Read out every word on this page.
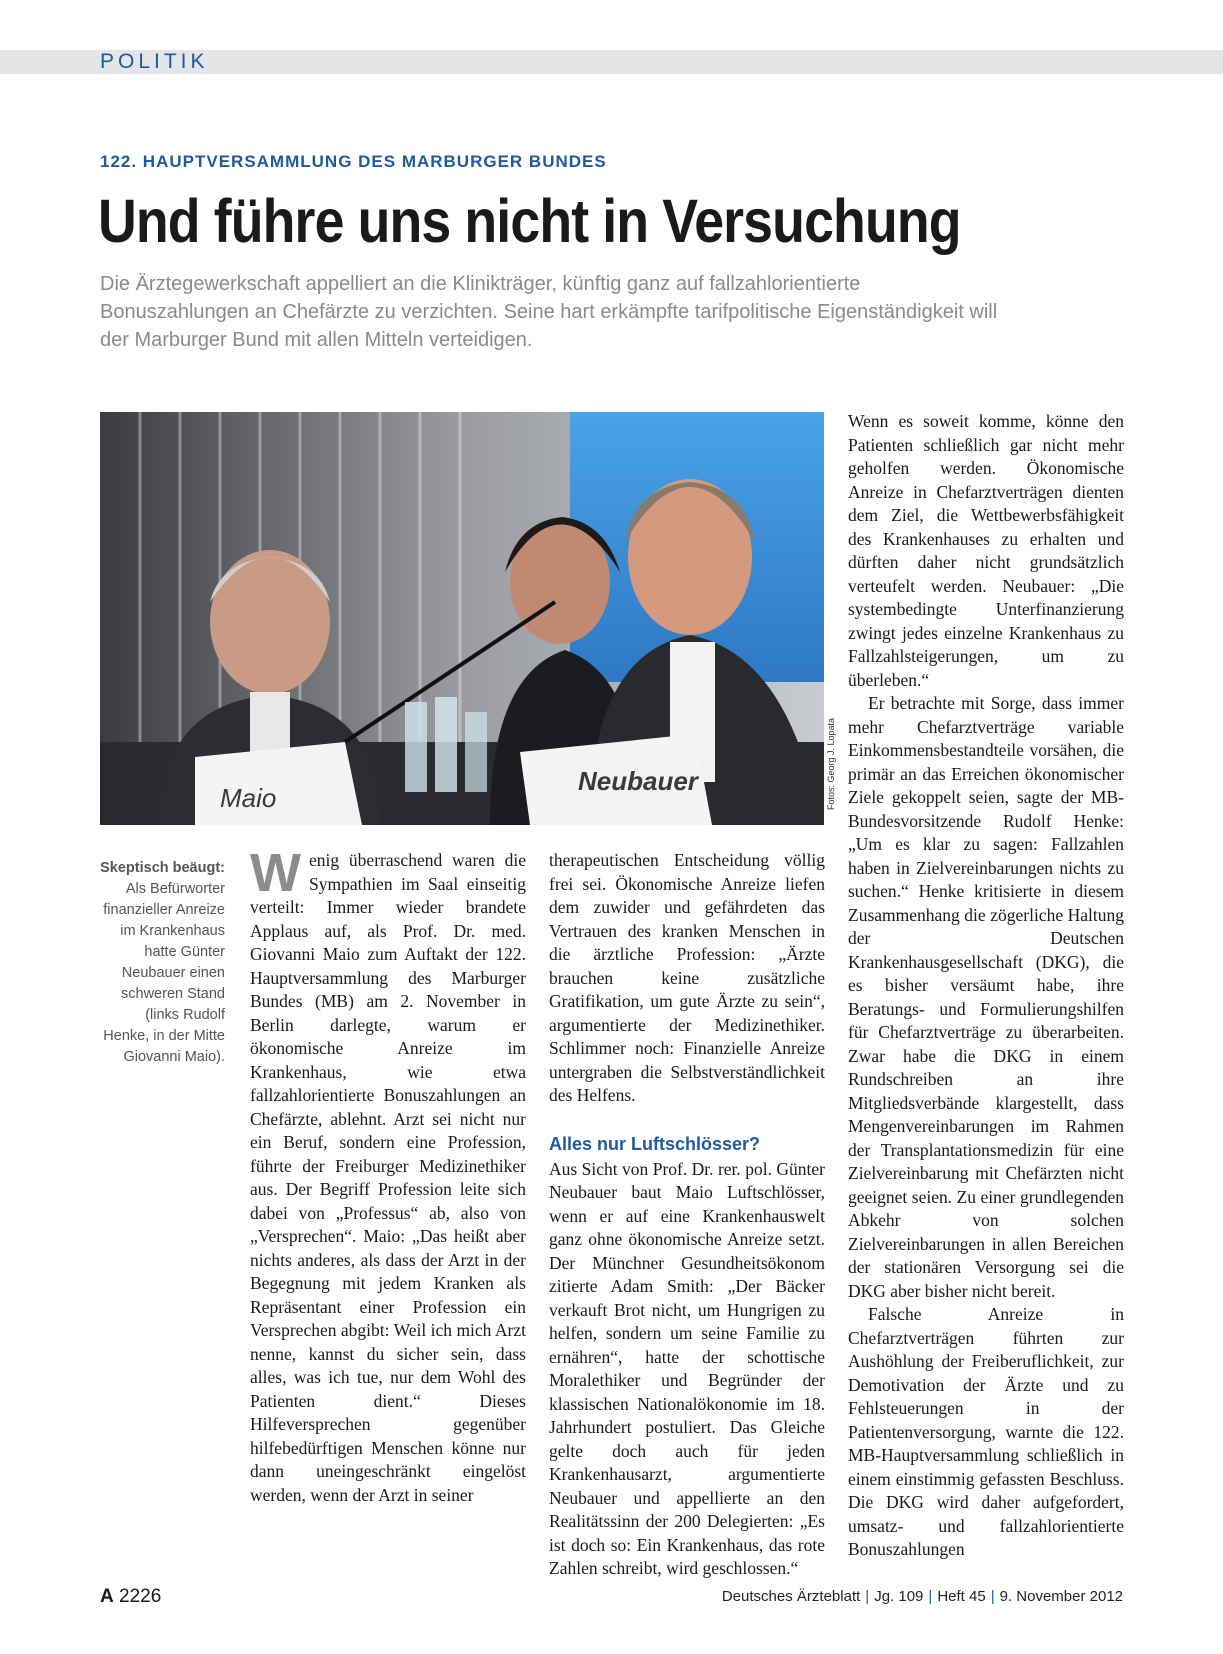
POLITIK
122. HAUPTVERSAMMLUNG DES MARBURGER BUNDES
Und führe uns nicht in Versuchung
Die Ärztegewerkschaft appelliert an die Klinikträger, künftig ganz auf fallzahlorientierte Bonuszahlungen an Chefärzte zu verzichten. Seine hart erkämpfte tarifpolitische Eigenständigkeit will der Marburger Bund mit allen Mitteln verteidigen.
Maio
Neubauer	Fotos: Georg J. Lopata
Skeptisch beäugt:
Als Befürworter finanzieller Anreize im Krankenhaus hatte Günter Neubauer einen schweren Stand (links Rudolf Henke, in der Mitte Giovanni Maio).

Wenig überraschend waren die Sympathien im Saal einseitig verteilt: Immer wieder brandete Applaus auf, als Prof. Dr. med. Giovanni Maio zum Auftakt der 122. Hauptversammlung des Marburger Bundes (MB) am 2. November in Berlin darlegte, warum er ökonomische Anreize im Krankenhaus, wie etwa fallzahlorientierte Bonuszahlungen an Chefärzte, ablehnt. Arzt sei nicht nur ein Beruf, sondern eine Profession, führte der Freiburger Medizinethiker aus. Der Begriff Profession leite sich dabei von „Professus“ ab, also von „Versprechen“. Maio: „Das heißt aber nichts anderes, als dass der Arzt in der Begegnung mit jedem Kranken als Repräsentant einer Profession ein Versprechen abgibt: Weil ich mich Arzt nenne, kannst du sicher sein, dass alles, was ich tue, nur dem Wohl des Patienten dient.“ Dieses Hilfeversprechen gegenüber hilfebedürftigen Menschen könne nur dann uneingeschränkt eingelöst werden, wenn der Arzt in seiner

therapeutischen Entscheidung völlig frei sei. Ökonomische Anreize liefen dem zuwider und gefährdeten das Vertrauen des kranken Menschen in die ärztliche Profession: „Ärzte brauchen keine zusätzliche Gratifikation, um gute Ärzte zu sein“, argumentierte der Medizinethiker. Schlimmer noch: Finanzielle Anreize untergraben die Selbstverständlichkeit des Helfens.

Alles nur Luftschlösser?

Aus Sicht von Prof. Dr. rer. pol. Günter Neubauer baut Maio Luftschlösser, wenn er auf eine Krankenhauswelt ganz ohne ökonomische Anreize setzt. Der Münchner Gesundheitsökonom zitierte Adam Smith: „Der Bäcker verkauft Brot nicht, um Hungrigen zu helfen, sondern um seine Familie zu ernähren“, hatte der schottische Moralethiker und Begründer der klassischen Nationalökonomie im 18. Jahrhundert postuliert. Das Gleiche gelte doch auch für jeden Krankenhausarzt, argumentierte Neubauer und appellierte an den Realitätssinn der 200 Delegierten: „Es ist doch so: Ein Krankenhaus, das rote Zahlen schreibt, wird geschlossen.“

Wenn es soweit komme, könne den Patienten schließlich gar nicht mehr geholfen werden. Ökonomische Anreize in Chefarztverträgen dienten dem Ziel, die Wettbewerbsfähigkeit des Krankenhauses zu erhalten und dürften daher nicht grundsätzlich verteufelt werden. Neubauer: „Die systembedingte Unterfinanzierung zwingt jedes einzelne Krankenhaus zu Fallzahlsteigerungen, um zu überleben.“

Er betrachte mit Sorge, dass immer mehr Chefarztverträge variable Einkommensbestandteile vorsähen, die primär an das Erreichen ökonomischer Ziele gekoppelt seien, sagte der MB-Bundesvorsitzende Rudolf Henke: „Um es klar zu sagen: Fallzahlen haben in Zielvereinbarungen nichts zu suchen.“ Henke kritisierte in diesem Zusammenhang die zögerliche Haltung der Deutschen Krankenhausgesellschaft (DKG), die es bisher versäumt habe, ihre Beratungs- und Formulierungshilfen für Chefarztverträge zu überarbeiten. Zwar habe die DKG in einem Rundschreiben an ihre Mitgliedsverbände klargestellt, dass Mengenvereinbarungen im Rahmen der Transplantationsmedizin für eine Zielvereinbarung mit Chefärzten nicht geeignet seien. Zu einer grundlegenden Abkehr von solchen Zielvereinbarungen in allen Bereichen der stationären Versorgung sei die DKG aber bisher nicht bereit.

Falsche Anreize in Chefarztverträgen führten zur Aushöhlung der Freiberuflichkeit, zur Demotivation der Ärzte und zu Fehlsteuerungen in der Patientenversorgung, warnte die 122. MB-Hauptversammlung schließlich in einem einstimmig gefassten Beschluss. Die DKG wird daher aufgefordert, umsatz- und fallzahlorientierte Bonuszahlungen

A 2226	Deutsches Ärzteblatt | Jg. 109 | Heft 45 | 9. November 2012
